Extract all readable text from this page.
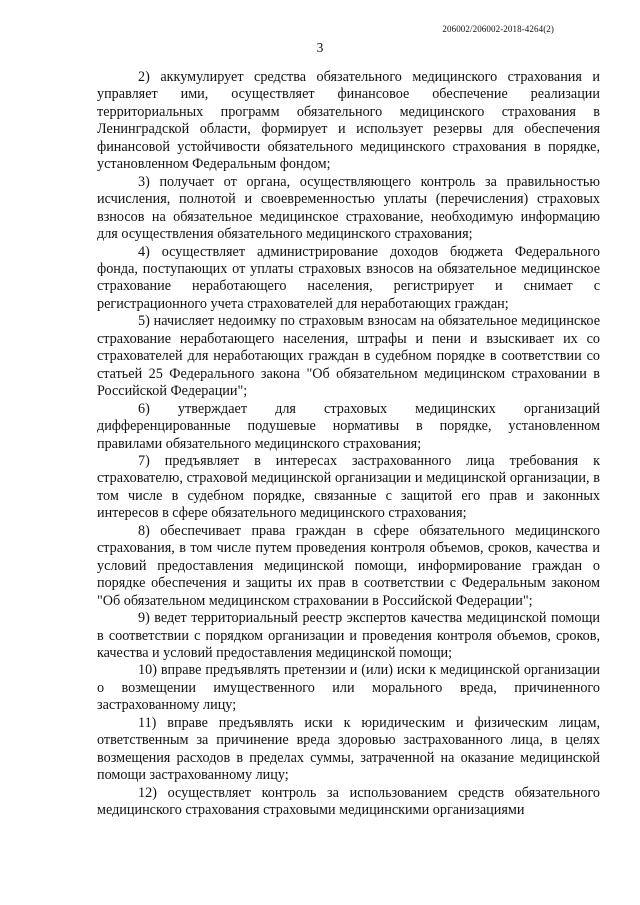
206002/206002-2018-4264(2)
3

2) аккумулирует средства обязательного медицинского страхования и управляет ими, осуществляет финансовое обеспечение реализации территориальных программ обязательного медицинского страхования в Ленинградской области, формирует и использует резервы для обеспечения финансовой устойчивости обязательного медицинского страхования в порядке, установленном Федеральным фондом;

3) получает от органа, осуществляющего контроль за правильностью исчисления, полнотой и своевременностью уплаты (перечисления) страховых взносов на обязательное медицинское страхование, необходимую информацию для осуществления обязательного медицинского страхования;

4) осуществляет администрирование доходов бюджета Федерального фонда, поступающих от уплаты страховых взносов на обязательное медицинское страхование неработающего населения, регистрирует и снимает с регистрационного учета страхователей для неработающих граждан;

5) начисляет недоимку по страховым взносам на обязательное медицинское страхование неработающего населения, штрафы и пени и взыскивает их со страхователей для неработающих граждан в судебном порядке в соответствии со статьей 25 Федерального закона "Об обязательном медицинском страховании в Российской Федерации";

6) утверждает для страховых медицинских организаций дифференцированные подушевые нормативы в порядке, установленном правилами обязательного медицинского страхования;

7) предъявляет в интересах застрахованного лица требования к страхователю, страховой медицинской организации и медицинской организации, в том числе в судебном порядке, связанные с защитой его прав и законных интересов в сфере обязательного медицинского страхования;

8) обеспечивает права граждан в сфере обязательного медицинского страхования, в том числе путем проведения контроля объемов, сроков, качества и условий предоставления медицинской помощи, информирование граждан о порядке обеспечения и защиты их прав в соответствии с Федеральным законом "Об обязательном медицинском страховании в Российской Федерации";

9) ведет территориальный реестр экспертов качества медицинской помощи в соответствии с порядком организации и проведения контроля объемов, сроков, качества и условий предоставления медицинской помощи;

10) вправе предъявлять претензии и (или) иски к медицинской организации о возмещении имущественного или морального вреда, причиненного застрахованному лицу;

11) вправе предъявлять иски к юридическим и физическим лицам, ответственным за причинение вреда здоровью застрахованного лица, в целях возмещения расходов в пределах суммы, затраченной на оказание медицинской помощи застрахованному лицу;

12) осуществляет контроль за использованием средств обязательного медицинского страхования страховыми медицинскими организациями
